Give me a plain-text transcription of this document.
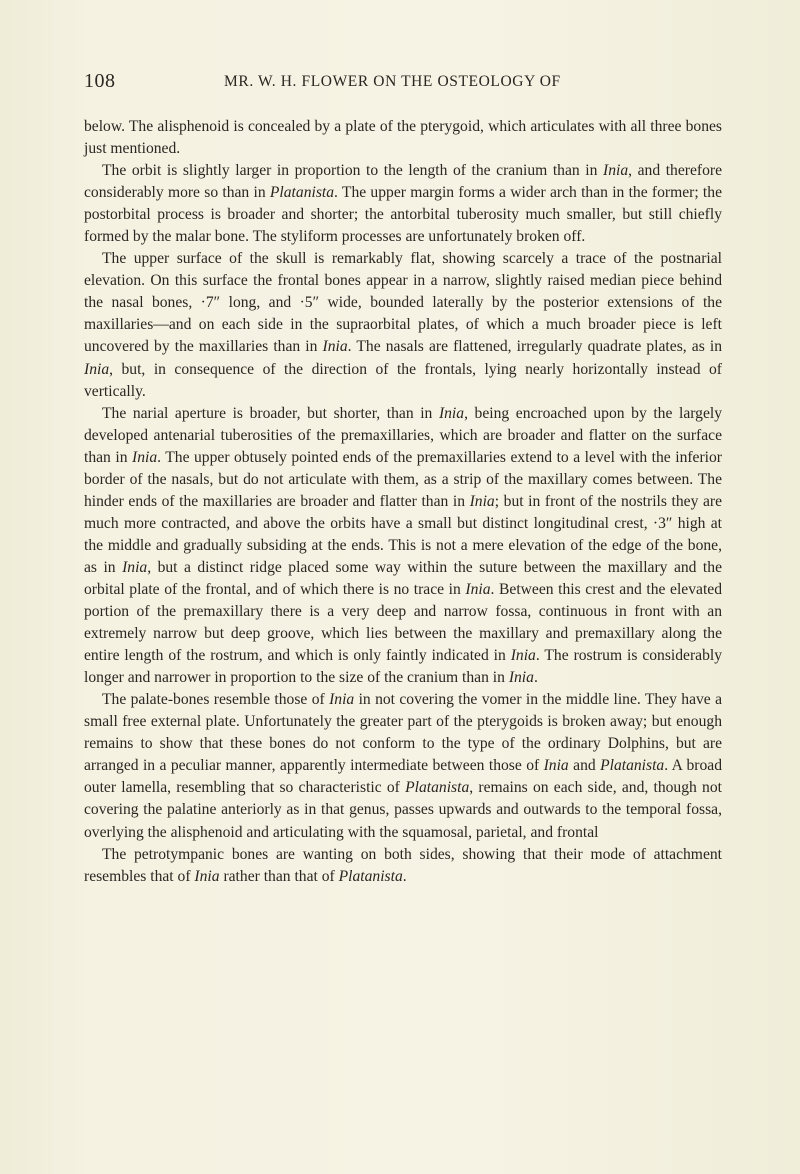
108	MR. W. H. FLOWER ON THE OSTEOLOGY OF

below. The alisphenoid is concealed by a plate of the pterygoid, which articulates with all three bones just mentioned.

The orbit is slightly larger in proportion to the length of the cranium than in Inia, and therefore considerably more so than in Platanista. The upper margin forms a wider arch than in the former; the postorbital process is broader and shorter; the antorbital tuberosity much smaller, but still chiefly formed by the malar bone. The styliform processes are unfortunately broken off.

The upper surface of the skull is remarkably flat, showing scarcely a trace of the postnarial elevation. On this surface the frontal bones appear in a narrow, slightly raised median piece behind the nasal bones, ·7″ long, and ·5″ wide, bounded laterally by the posterior extensions of the maxillaries—and on each side in the supraorbital plates, of which a much broader piece is left uncovered by the maxillaries than in Inia. The nasals are flattened, irregularly quadrate plates, as in Inia, but, in consequence of the direction of the frontals, lying nearly horizontally instead of vertically.

The narial aperture is broader, but shorter, than in Inia, being encroached upon by the largely developed antenarial tuberosities of the premaxillaries, which are broader and flatter on the surface than in Inia. The upper obtusely pointed ends of the premaxillaries extend to a level with the inferior border of the nasals, but do not articulate with them, as a strip of the maxillary comes between. The hinder ends of the maxillaries are broader and flatter than in Inia; but in front of the nostrils they are much more contracted, and above the orbits have a small but distinct longitudinal crest, ·3″ high at the middle and gradually subsiding at the ends. This is not a mere elevation of the edge of the bone, as in Inia, but a distinct ridge placed some way within the suture between the maxillary and the orbital plate of the frontal, and of which there is no trace in Inia. Between this crest and the elevated portion of the premaxillary there is a very deep and narrow fossa, continuous in front with an extremely narrow but deep groove, which lies between the maxillary and premaxillary along the entire length of the rostrum, and which is only faintly indicated in Inia. The rostrum is considerably longer and narrower in proportion to the size of the cranium than in Inia.

The palate-bones resemble those of Inia in not covering the vomer in the middle line. They have a small free external plate. Unfortunately the greater part of the pterygoids is broken away; but enough remains to show that these bones do not conform to the type of the ordinary Dolphins, but are arranged in a peculiar manner, apparently intermediate between those of Inia and Platanista. A broad outer lamella, resembling that so characteristic of Platanista, remains on each side, and, though not covering the palatine anteriorly as in that genus, passes upwards and outwards to the temporal fossa, overlying the alisphenoid and articulating with the squamosal, parietal, and frontal

The petrotympanic bones are wanting on both sides, showing that their mode of attachment resembles that of Inia rather than that of Platanista.
